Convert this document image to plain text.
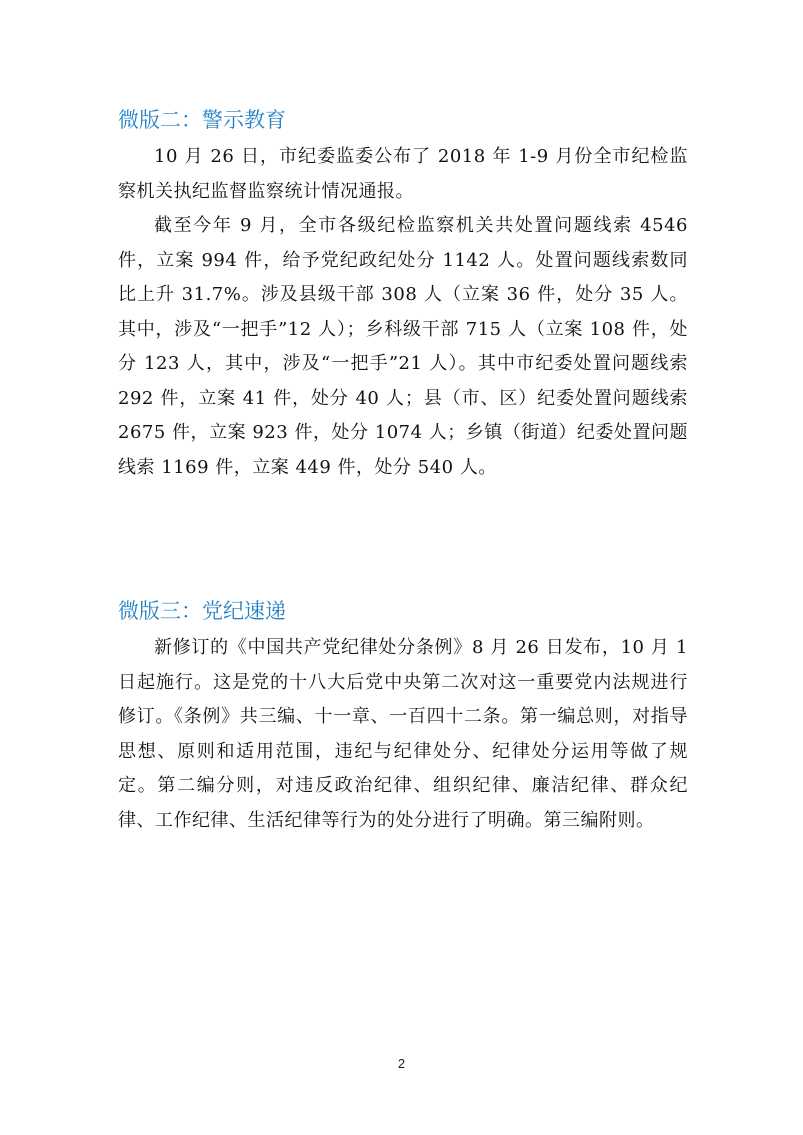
微版二：警示教育

10 月 26 日，市纪委监委公布了 2018 年 1-9 月份全市纪检监察机关执纪监督监察统计情况通报。

截至今年 9 月，全市各级纪检监察机关共处置问题线索 4546 件，立案 994 件，给予党纪政纪处分 1142 人。处置问题线索数同比上升 31.7%。涉及县级干部 308 人（立案 36 件，处分 35 人。其中，涉及“一把手”12 人）；乡科级干部 715 人（立案 108 件，处分 123 人，其中，涉及“一把手”21 人）。其中市纪委处置问题线索 292 件，立案 41 件，处分 40 人；县（市、区）纪委处置问题线索 2675 件，立案 923 件，处分 1074 人；乡镇（街道）纪委处置问题线索 1169 件，立案 449 件，处分 540 人。

微版三：党纪速递

新修订的《中国共产党纪律处分条例》8 月 26 日发布，10 月 1 日起施行。这是党的十八大后党中央第二次对这一重要党内法规进行修订。《条例》共三编、十一章、一百四十二条。第一编总则，对指导思想、原则和适用范围，违纪与纪律处分、纪律处分运用等做了规定。第二编分则，对违反政治纪律、组织纪律、廉洁纪律、群众纪律、工作纪律、生活纪律等行为的处分进行了明确。第三编附则。

2
